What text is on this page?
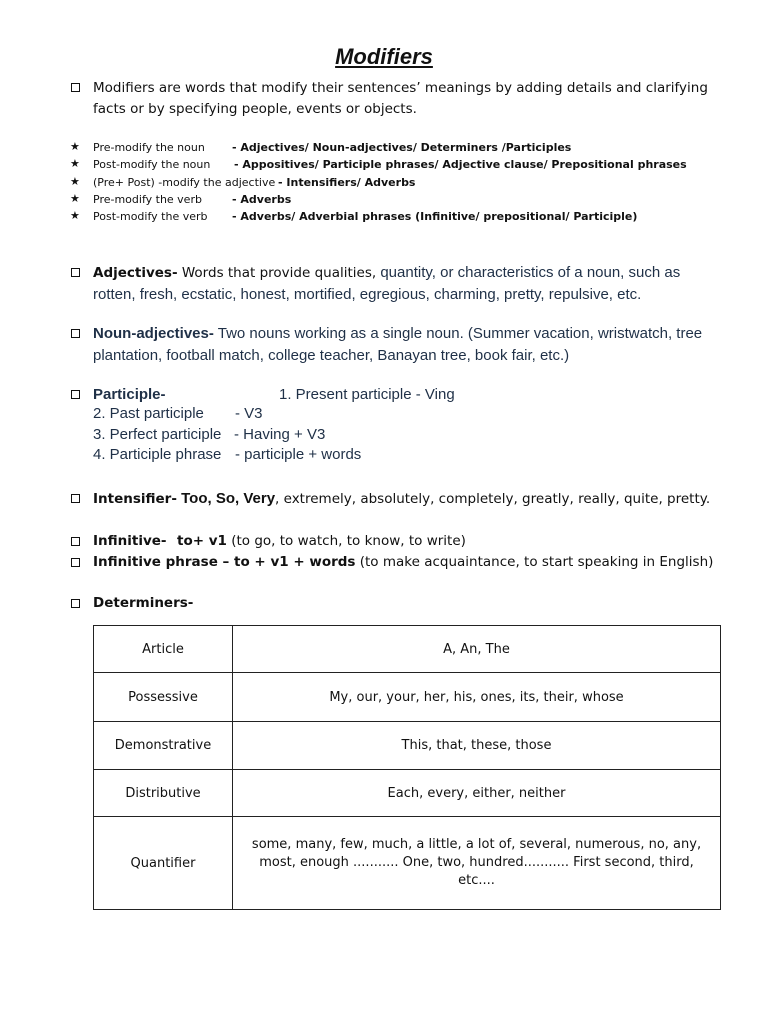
Modifiers
Modifiers are words that modify their sentences’ meanings by adding details and clarifying facts or by specifying people, events or objects.
★ Pre-modify the noun - Adjectives/ Noun-adjectives/ Determiners /Participles
★ Post-modify the noun - Appositives/ Participle phrases/ Adjective clause/ Prepositional phrases
★ (Pre+ Post) -modify the adjective - Intensifiers/ Adverbs
★ Pre-modify the verb	- Adverbs
★ Post-modify the verb - Adverbs/ Adverbial phrases (Infinitive/ prepositional/ Participle)
Adjectives- Words that provide qualities, quantity, or characteristics of a noun, such as
rotten, fresh, ecstatic, honest, mortified, egregious, charming, pretty, repulsive, etc.
Noun-adjectives- Two nouns working as a single noun. (Summer vacation, wristwatch, tree
plantation, football match, college teacher, Banayan tree, book fair, etc.)
Participle-	1. Present participle - Ving
2. Past participle - V3
3. Perfect participle - Having + V3
4. Participle phrase - participle + words
Intensifier- Too, So, Very, extremely, absolutely, completely, greatly, really, quite, pretty.
Infinitive- to+ v1 (to go, to watch, to know, to write)
Infinitive phrase – to + v1 + words (to make acquaintance, to start speaking in English)
Determiners-
Article	A, An, The
Possessive	My, our, your, her, his, ones, its, their, whose
Demonstrative	This, that, these, those
Distributive	Each, every, either, neither
Quantifier	some, many, few, much, a little, a lot of, several, numerous, no, any, most, enough ........... One, two, hundred........... First second, third, etc....
